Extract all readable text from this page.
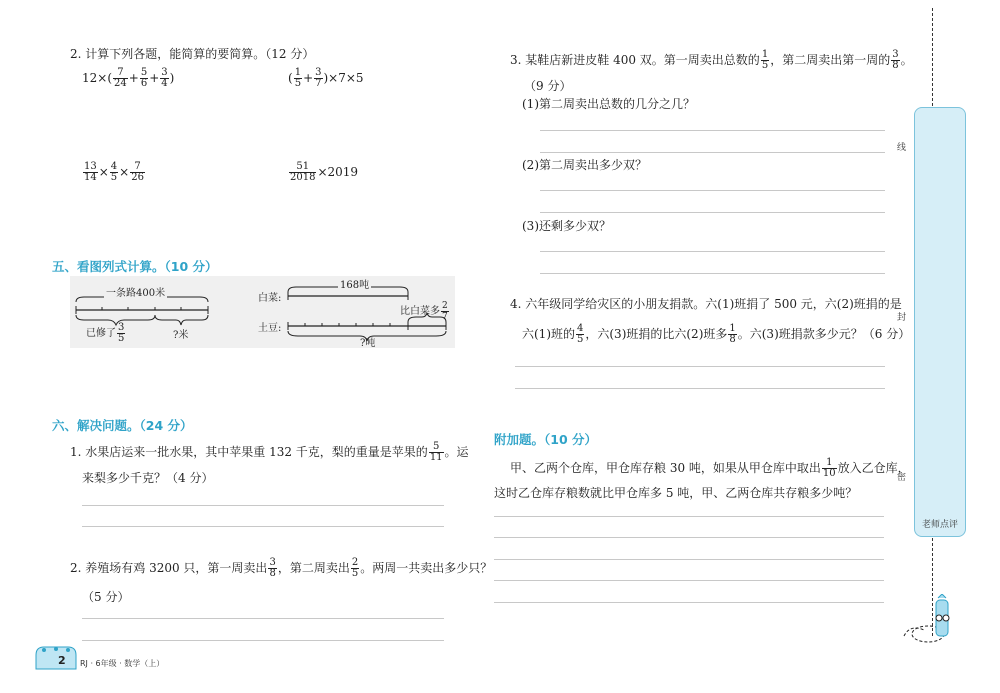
2. 计算下列各题，能简算的要简算。（12 分）
$12\times( \frac{7}{24} + \frac{5}{6} + \frac{3}{4}$ )	( $\frac{1}{5} + \frac{3}{7} )\times 7\times 5$
$\frac{13}{14} \times \frac{4}{5} \times \frac{7}{26}$	$\frac{51}{2018} \times 2019$
五、看图列式计算。（10 分）
一条路400米
已修了 $\frac{3}{5}$	?米
白菜:
168吨
土豆:
比白菜多 $\frac{2}{7}$
?吨
六、解决问题。（24 分）
1. 水果店运来一批水果，其中苹果重 132 千克，梨的重量是苹果的 $\frac{5}{11}$ 。运
来梨多少千克？（4 分）
2. 养殖场有鸡 3200 只，第一周卖出 $\frac{3}{8}$ ，第二周卖出 $\frac{2}{5}$ 。两周一共卖出多少只？
（5 分）
2 RJ · 6年级 · 数学（上）
3. 某鞋店新进皮鞋 400 双。第一周卖出总数的 $\frac{1}{5}$ ，第二周卖出第一周的 $\frac{3}{8}$ 。
（9 分）
(1)第二周卖出总数的几分之几？
(2)第二周卖出多少双？
(3)还剩多少双？
4. 六年级同学给灾区的小朋友捐款。六(1)班捐了 500 元，六(2)班捐的是
六(1)班的 $\frac{4}{5}$ ，六(3)班捐的比六(2)班多 $\frac{1}{8}$ 。六(3)班捐款多少元？（6 分）
附加题。（10 分）
甲、乙两个仓库，甲仓库存粮 30 吨，如果从甲仓库中取出 $\frac{1}{10}$ 放入乙仓库，
这时乙仓库存粮数就比甲仓库多 5 吨，甲、乙两仓库共存粮多少吨？
线
封
密
老师点评
